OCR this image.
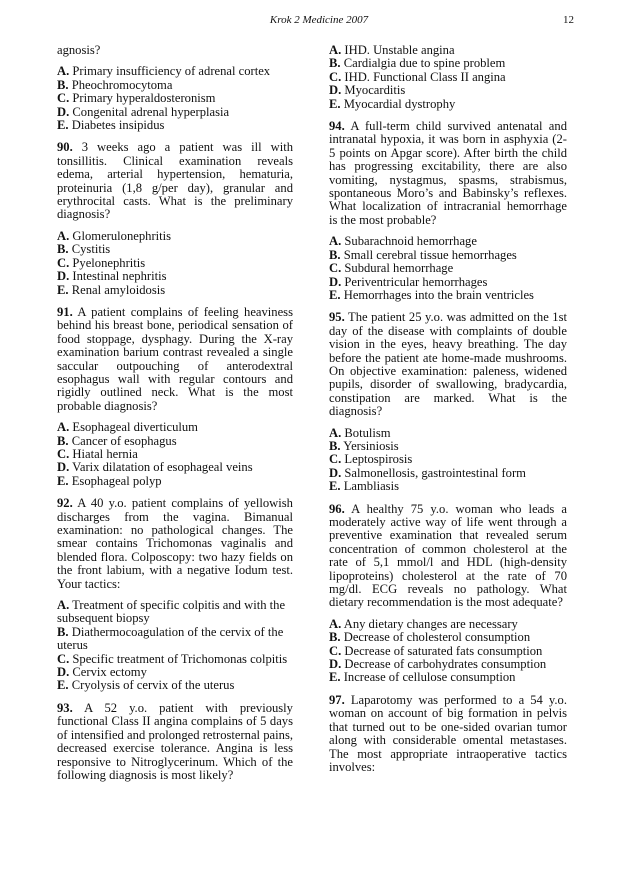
Krok 2 Medicine 2007	12
agnosis?
A. Primary insufficiency of adrenal cortex
B. Pheochromocytoma
C. Primary hyperaldosteronism
D. Congenital adrenal hyperplasia
E. Diabetes insipidus
90. 3 weeks ago a patient was ill with tonsillitis. Clinical examination reveals edema, arterial hypertension, hematuria, proteinuria (1,8 g/per day), granular and erythrocital casts. What is the preliminary diagnosis?
A. Glomerulonephritis
B. Cystitis
C. Pyelonephritis
D. Intestinal nephritis
E. Renal amyloidosis
91. A patient complains of feeling heaviness behind his breast bone, periodical sensation of food stoppage, dysphagy. During the X-ray examination barium contrast revealed a single saccular outpouching of anterodextral esophagus wall with regular contours and rigidly outlined neck. What is the most probable diagnosis?
A. Esophageal diverticulum
B. Cancer of esophagus
C. Hiatal hernia
D. Varix dilatation of esophageal veins
E. Esophageal polyp
92. A 40 y.o. patient complains of yellowish discharges from the vagina. Bimanual examination: no pathological changes. The smear contains Trichomonas vaginalis and blended flora. Colposcopy: two hazy fields on the front labium, with a negative Iodum test. Your tactics:
A. Treatment of specific colpitis and with the subsequent biopsy
B. Diathermocoagulation of the cervix of the uterus
C. Specific treatment of Trichomonas colpitis
D. Cervix ectomy
E. Cryolysis of cervix of the uterus
93. A 52 y.o. patient with previously functional Class II angina complains of 5 days of intensified and prolonged retrosternal pains, decreased exercise tolerance. Angina is less responsive to Nitroglycerinum. Which of the following diagnosis is most likely?
A. IHD. Unstable angina
B. Cardialgia due to spine problem
C. IHD. Functional Class II angina
D. Myocarditis
E. Myocardial dystrophy
94. A full-term child survived antenatal and intranatal hypoxia, it was born in asphyxia (2-5 points on Apgar score). After birth the child has progressing excitability, there are also vomiting, nystagmus, spasms, strabismus, spontaneous Moro’s and Babinsky’s reflexes. What localization of intracranial hemorrhage is the most probable?
A. Subarachnoid hemorrhage
B. Small cerebral tissue hemorrhages
C. Subdural hemorrhage
D. Periventricular hemorrhages
E. Hemorrhages into the brain ventricles
95. The patient 25 y.o. was admitted on the 1st day of the disease with complaints of double vision in the eyes, heavy breathing. The day before the patient ate home-made mushrooms. On objective examination: paleness, widened pupils, disorder of swallowing, bradycardia, constipation are marked. What is the diagnosis?
A. Botulism
B. Yersiniosis
C. Leptospirosis
D. Salmonellosis, gastrointestinal form
E. Lambliasis
96. A healthy 75 y.o. woman who leads a moderately active way of life went through a preventive examination that revealed serum concentration of common cholesterol at the rate of 5,1 mmol/l and HDL (high-density lipoproteins) cholesterol at the rate of 70 mg/dl. ECG reveals no pathology. What dietary recommendation is the most adequate?
A. Any dietary changes are necessary
B. Decrease of cholesterol consumption
C. Decrease of saturated fats consumption
D. Decrease of carbohydrates consumption
E. Increase of cellulose consumption
97. Laparotomy was performed to a 54 y.o. woman on account of big formation in pelvis that turned out to be one-sided ovarian tumor along with considerable omental metastases. The most appropriate intraoperative tactics involves:
